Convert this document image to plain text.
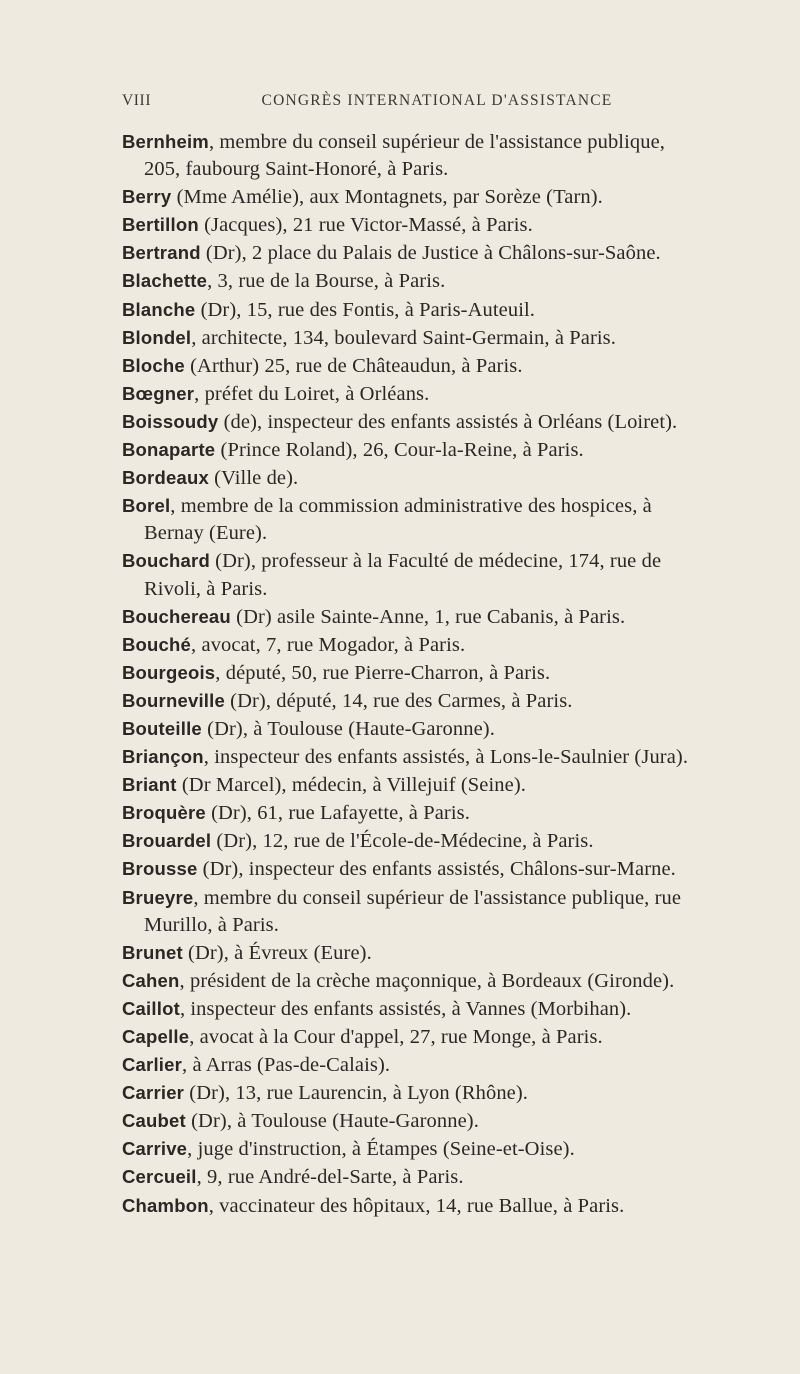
VIII	CONGRÈS INTERNATIONAL D'ASSISTANCE

Bernheim, membre du conseil supérieur de l'assistance publique, 205, faubourg Saint-Honoré, à Paris.

Berry (Mme Amélie), aux Montagnets, par Sorèze (Tarn).

Bertillon (Jacques), 21 rue Victor-Massé, à Paris.

Bertrand (Dr), 2 place du Palais de Justice à Châlons-sur-Saône.

Blachette, 3, rue de la Bourse, à Paris.

Blanche (Dr), 15, rue des Fontis, à Paris-Auteuil.

Blondel, architecte, 134, boulevard Saint-Germain, à Paris.

Bloche (Arthur) 25, rue de Châteaudun, à Paris.

Bœgner, préfet du Loiret, à Orléans.

Boissoudy (de), inspecteur des enfants assistés à Orléans (Loiret).

Bonaparte (Prince Roland), 26, Cour-la-Reine, à Paris.

Bordeaux (Ville de).

Borel, membre de la commission administrative des hospices, à Bernay (Eure).

Bouchard (Dr), professeur à la Faculté de médecine, 174, rue de Rivoli, à Paris.

Bouchereau (Dr) asile Sainte-Anne, 1, rue Cabanis, à Paris.

Bouché, avocat, 7, rue Mogador, à Paris.

Bourgeois, député, 50, rue Pierre-Charron, à Paris.

Bourneville (Dr), député, 14, rue des Carmes, à Paris.

Bouteille (Dr), à Toulouse (Haute-Garonne).

Briançon, inspecteur des enfants assistés, à Lons-le-Saulnier (Jura).

Briant (Dr Marcel), médecin, à Villejuif (Seine).

Broquère (Dr), 61, rue Lafayette, à Paris.

Brouardel (Dr), 12, rue de l'École-de-Médecine, à Paris.

Brousse (Dr), inspecteur des enfants assistés, Châlons-sur-Marne.

Brueyre, membre du conseil supérieur de l'assistance publique, rue Murillo, à Paris.

Brunet (Dr), à Évreux (Eure).

Cahen, président de la crèche maçonnique, à Bordeaux (Gironde).

Caillot, inspecteur des enfants assistés, à Vannes (Morbihan).

Capelle, avocat à la Cour d'appel, 27, rue Monge, à Paris.

Carlier, à Arras (Pas-de-Calais).

Carrier (Dr), 13, rue Laurencin, à Lyon (Rhône).

Caubet (Dr), à Toulouse (Haute-Garonne).

Carrive, juge d'instruction, à Étampes (Seine-et-Oise).

Cercueil, 9, rue André-del-Sarte, à Paris.

Chambon, vaccinateur des hôpitaux, 14, rue Ballue, à Paris.
